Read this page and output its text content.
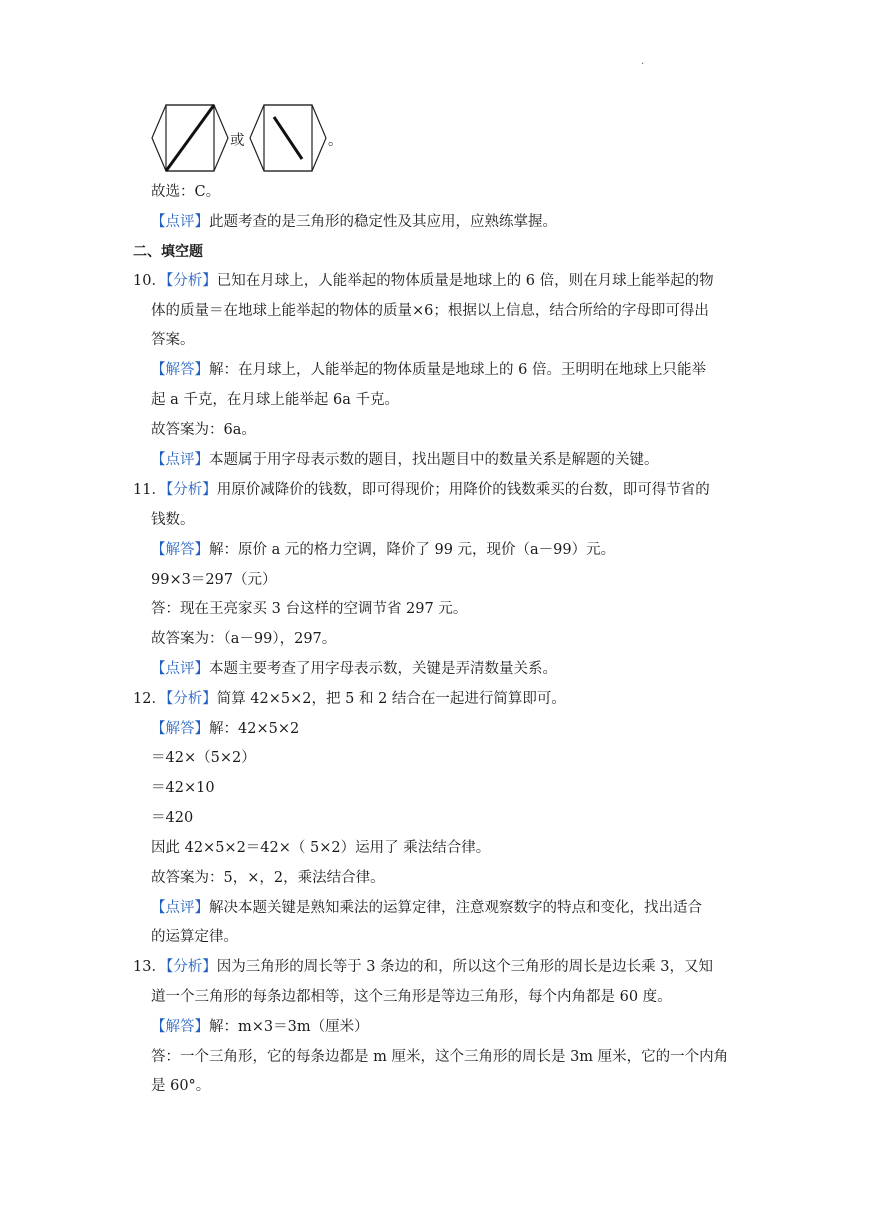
.
或	。
故选：C。
【点评】此题考查的是三角形的稳定性及其应用，应熟练掌握。
二、填空题
10．【分析】已知在月球上，人能举起的物体质量是地球上的 6 倍，则在月球上能举起的物
体的质量＝在地球上能举起的物体的质量×6；根据以上信息，结合所给的字母即可得出
答案。
【解答】解：在月球上，人能举起的物体质量是地球上的 6 倍。王明明在地球上只能举
起 a 千克，在月球上能举起 6a 千克。
故答案为：6a。
【点评】本题属于用字母表示数的题目，找出题目中的数量关系是解题的关键。
11．【分析】用原价减降价的钱数，即可得现价；用降价的钱数乘买的台数，即可得节省的
钱数。
【解答】解：原价 a 元的格力空调，降价了 99 元，现价（a－99）元。
99×3＝297（元）
答：现在王亮家买 3 台这样的空调节省 297 元。
故答案为：（a－99），297。
【点评】本题主要考查了用字母表示数，关键是弄清数量关系。
12．【分析】简算 42×5×2，把 5 和 2 结合在一起进行简算即可。
【解答】解：42×5×2
＝42×（5×2）
＝42×10
＝420
因此 42×5×2＝42×（ 5×2）运用了 乘法结合律。
故答案为：5，×，2，乘法结合律。
【点评】解决本题关键是熟知乘法的运算定律，注意观察数字的特点和变化，找出适合
的运算定律。
13．【分析】因为三角形的周长等于 3 条边的和，所以这个三角形的周长是边长乘 3，又知
道一个三角形的每条边都相等，这个三角形是等边三角形，每个内角都是 60 度。
【解答】解：m×3＝3m（厘米）
答：一个三角形，它的每条边都是 m 厘米，这个三角形的周长是 3m 厘米，它的一个内角
是 60°。
